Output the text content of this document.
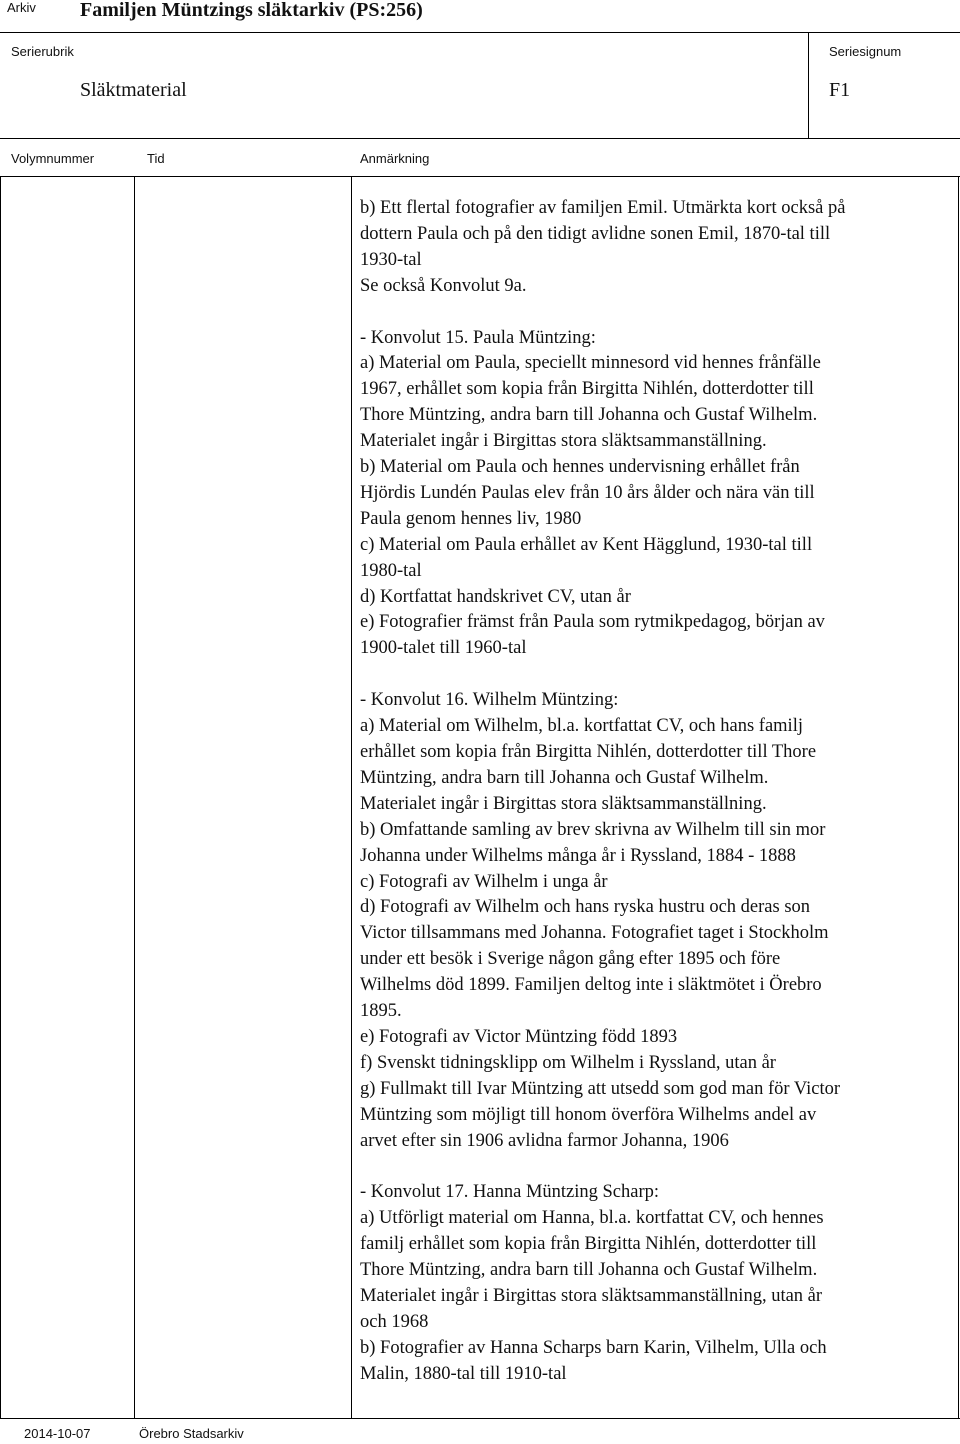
Arkiv Familjen Müntzings släktarkiv (PS:256)
Serierubrik
Släktmaterial
Seriesignum
F1
Volymnummer	Tid	Anmärkning
b) Ett flertal fotografier av familjen Emil. Utmärkta kort också på
dottern Paula och på den tidigt avlidne sonen Emil, 1870-tal till
1930-tal
Se också Konvolut 9a.
- Konvolut 15. Paula Müntzing:
a) Material om Paula, speciellt minnesord vid hennes frånfälle
1967, erhållet som kopia från Birgitta Nihlén, dotterdotter till
Thore Müntzing, andra barn till Johanna och Gustaf Wilhelm.
Materialet ingår i Birgittas stora släktsammanställning.
b) Material om Paula och hennes undervisning erhållet från
Hjördis Lundén Paulas elev från 10 års ålder och nära vän till
Paula genom hennes liv, 1980
c) Material om Paula erhållet av Kent Hägglund, 1930-tal till
1980-tal
d) Kortfattat handskrivet CV, utan år
e) Fotografier främst från Paula som rytmikpedagog, början av
1900-talet till 1960-tal
- Konvolut 16. Wilhelm Müntzing:
a) Material om Wilhelm, bl.a. kortfattat CV, och hans familj
erhållet som kopia från Birgitta Nihlén, dotterdotter till Thore
Müntzing, andra barn till Johanna och Gustaf Wilhelm.
Materialet ingår i Birgittas stora släktsammanställning.
b) Omfattande samling av brev skrivna av Wilhelm till sin mor
Johanna under Wilhelms många år i Ryssland, 1884 - 1888
c) Fotografi av Wilhelm i unga år
d) Fotografi av Wilhelm och hans ryska hustru och deras son
Victor tillsammans med Johanna. Fotografiet taget i Stockholm
under ett besök i Sverige någon gång efter 1895 och före
Wilhelms död 1899. Familjen deltog inte i släktmötet i Örebro
1895.
e) Fotografi av Victor Müntzing född 1893
f) Svenskt tidningsklipp om Wilhelm i Ryssland, utan år
g) Fullmakt till Ivar Müntzing att utsedd som god man för Victor
Müntzing som möjligt till honom överföra Wilhelms andel av
arvet efter sin 1906 avlidna farmor Johanna, 1906
- Konvolut 17. Hanna Müntzing Scharp:
a) Utförligt material om Hanna, bl.a. kortfattat CV, och hennes
familj erhållet som kopia från Birgitta Nihlén, dotterdotter till
Thore Müntzing, andra barn till Johanna och Gustaf Wilhelm.
Materialet ingår i Birgittas stora släktsammanställning, utan år
och 1968
b) Fotografier av Hanna Scharps barn Karin, Vilhelm, Ulla och
Malin, 1880-tal till 1910-tal
2014-10-07	Örebro Stadsarkiv
